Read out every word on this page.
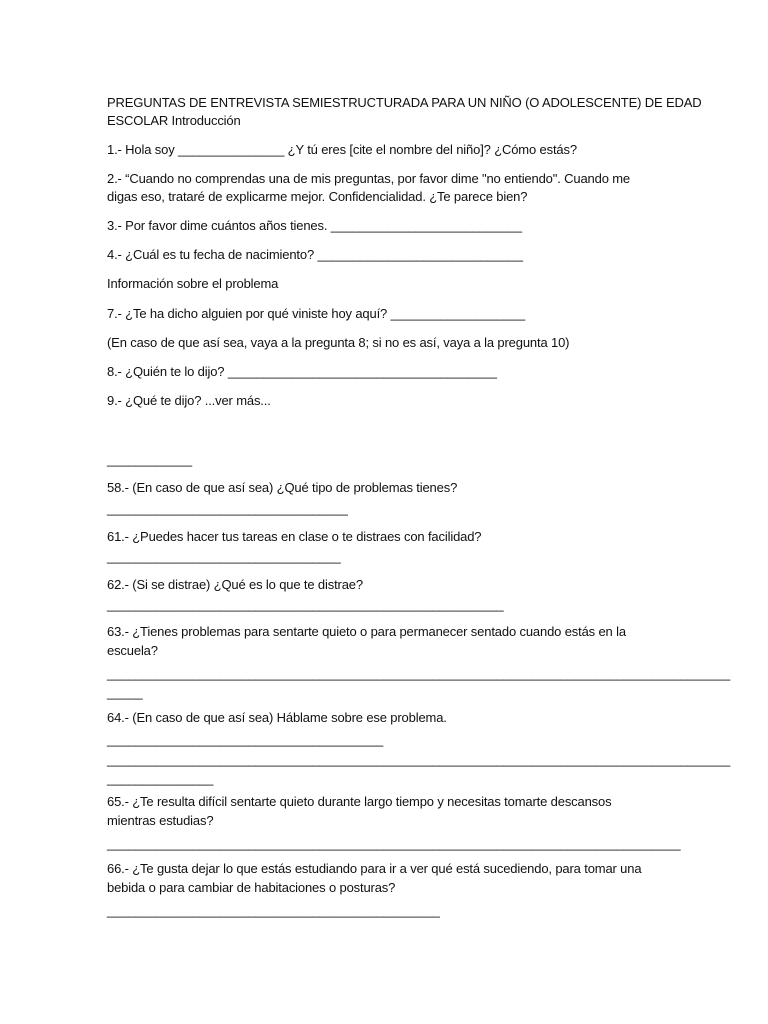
PREGUNTAS DE ENTREVISTA SEMIESTRUCTURADA PARA UN NIÑO (O ADOLESCENTE) DE EDAD

ESCOLAR Introducción

1.- Hola soy _______________ ¿Y tú eres [cite el nombre del niño]? ¿Cómo estás?

2.- “Cuando no comprendas una de mis preguntas, por favor dime "no entiendo". Cuando me

digas eso, trataré de explicarme mejor. Confidencialidad. ¿Te parece bien?

3.- Por favor dime cuántos años tienes. ___________________________

4.- ¿Cuál es tu fecha de nacimiento? _____________________________

Información sobre el problema

7.- ¿Te ha dicho alguien por qué viniste hoy aquí? ___________________

(En caso de que así sea, vaya a la pregunta 8; si no es así, vaya a la pregunta 10)

8.- ¿Quién te lo dijo? ______________________________________

9.- ¿Qué te dijo? ...ver más...

____________

58.- (En caso de que así sea) ¿Qué tipo de problemas tienes?

__________________________________

61.- ¿Puedes hacer tus tareas en clase o te distraes con facilidad?

_________________________________

62.- (Si se distrae) ¿Qué es lo que te distrae?

________________________________________________________

63.- ¿Tienes problemas para sentarte quieto o para permanecer sentado cuando estás en la

escuela?

________________________________________________________________________________________

_____

64.- (En caso de que así sea) Háblame sobre ese problema.

_______________________________________

________________________________________________________________________________________

_______________

65.- ¿Te resulta difícil sentarte quieto durante largo tiempo y necesitas tomarte descansos

mientras estudias?

_________________________________________________________________________________

66.- ¿Te gusta dejar lo que estás estudiando para ir a ver qué está sucediendo, para tomar una

bebida o para cambiar de habitaciones o posturas?

_______________________________________________
